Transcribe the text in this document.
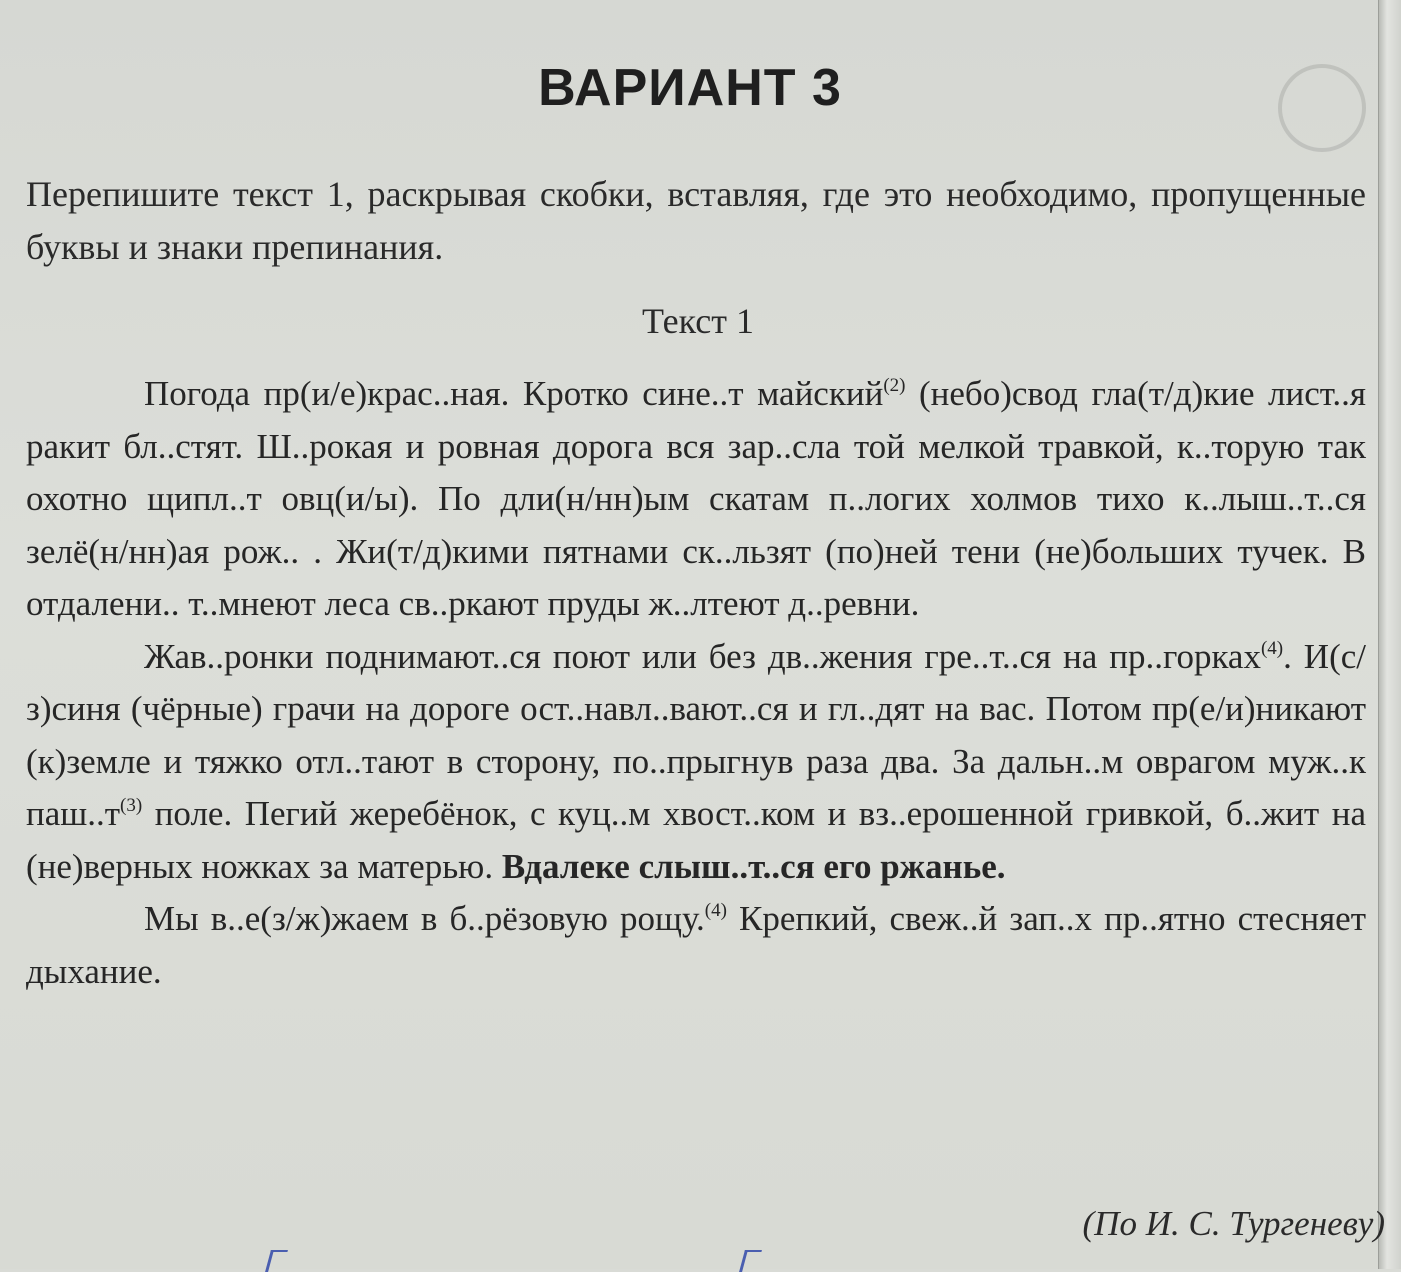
ВАРИАНТ 3
Перепишите текст 1, раскрывая скобки, вставляя, где это необходимо, пропущенные буквы и знаки препинания.
Текст 1

Погода пр(и/е)крас..ная. Кротко сине..т майский$^{(2)}$ (небо)свод гла(т/д)кие лист..я ракит бл..стят. Ш..рокая и ровная дорога вся зар..сла той мелкой травкой, к..торую так охотно щипл..т овц(и/ы). По дли(н/нн)ым скатам п..логих холмов тихо к..лыш..т..ся зелё(н/нн)ая рож.. . Жи(т/д)кими пятнами ск..льзят (по)ней тени (не)больших тучек. В отдалени.. т..мнеют леса св..ркают пруды ж..лтеют д..ревни.

Жав..ронки поднимают..ся поют или без дв..жения гре..т..ся на пр..горках$^{(4)}$. И(с/з)синя (чёрные) грачи на дороге ост..навл..вают..ся и гл..дят на вас. Потом пр(е/и)никают (к)земле и тяжко отл..тают в сторону, по..прыгнув раза два. За дальн..м оврагом муж..к $паш..т^{(3)}$ поле. Пегий жеребёнок, с куц..м хвост..ком и вз..ерошенной гривкой, б..жит на (не)верных ножках за матерью. Вдалеке слыш..т..ся его ржанье.

Мы в..е(з/ж)жаем в б..рёзовую рощу.$^{(4)}$ Крепкий, свеж..й зап..х пр..ятно стесняет дыхание.

(По И. С. Тургеневу)
